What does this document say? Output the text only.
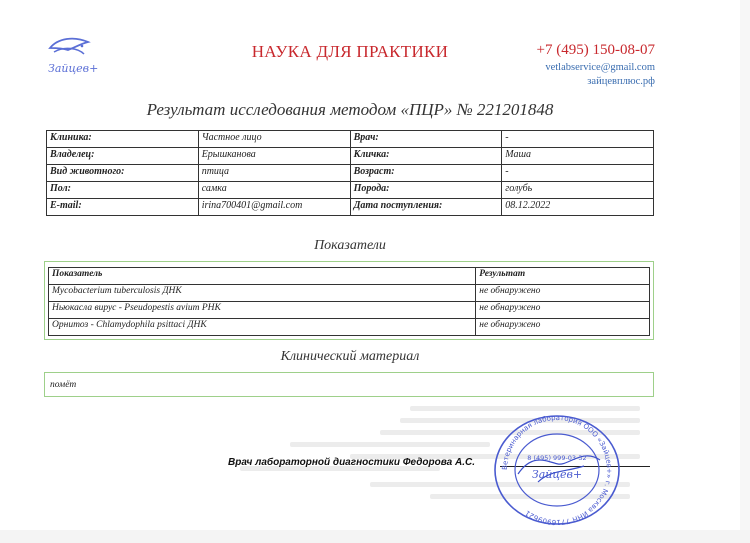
Зайцев+
НАУКА ДЛЯ ПРАКТИКИ	+7 (495) 150-08-07
vetlabservice@gmail.com
зайцевплюс.рф
Результат исследования методом «ПЦР» № 221201848
Клиника:	Частное лицо	Врач:	-
Владелец:	Ерышканова	Кличка:	Маша
Вид животного:	птица	Возраст:	-
Пол:	самка	Порода:	голубь
E-mail:	irina700401@gmail.com	Дата поступления:	08.12.2022
Показатели
Показатель	Результат
Mycobacterium tuberculosis ДНК	не обнаружено
Ньюкасла вирус - Pseudopestis avium РНК	не обнаружено
Орнитоз - Chlamydophila psittaci ДНК	не обнаружено
Клинический материал
помёт
Врач лабораторной диагностики Федорова А.С.	Ветеринарная лаборатория ООО «Зайцев+» г. Москва ИНН 7716909621
8 (495) 999-03-32
Зайцев+
